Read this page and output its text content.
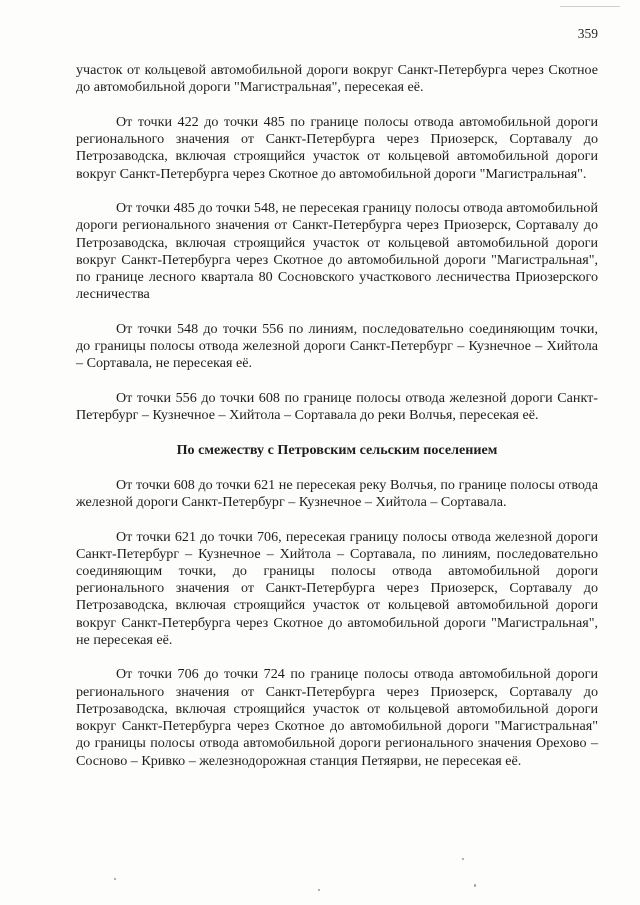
359

участок от кольцевой автомобильной дороги вокруг Санкт-Петербурга через Скотное до автомобильной дороги "Магистральная", пересекая её.

От точки 422 до точки 485 по границе полосы отвода автомобильной дороги регионального значения от Санкт-Петербурга через Приозерск, Сортавалу до Петрозаводска, включая строящийся участок от кольцевой автомобильной дороги вокруг Санкт-Петербурга через Скотное до автомобильной дороги "Магистральная".

От точки 485 до точки 548, не пересекая границу полосы отвода автомобильной дороги регионального значения от Санкт-Петербурга через Приозерск, Сортавалу до Петрозаводска, включая строящийся участок от кольцевой автомобильной дороги вокруг Санкт-Петербурга через Скотное до автомобильной дороги "Магистральная", по границе лесного квартала 80 Сосновского участкового лесничества Приозерского лесничества

От точки 548 до точки 556 по линиям, последовательно соединяющим точки, до границы полосы отвода железной дороги Санкт-Петербург – Кузнечное – Хийтола – Сортавала, не пересекая её.

От точки 556 до точки 608 по границе полосы отвода железной дороги Санкт-Петербург – Кузнечное – Хийтола – Сортавала до реки Волчья, пересекая её.

По смежеству с Петровским сельским поселением

От точки 608 до точки 621 не пересекая реку Волчья, по границе полосы отвода железной дороги Санкт-Петербург – Кузнечное – Хийтола – Сортавала.

От точки 621 до точки 706, пересекая границу полосы отвода железной дороги Санкт-Петербург – Кузнечное – Хийтола – Сортавала, по линиям, последовательно соединяющим точки, до границы полосы отвода автомобильной дороги регионального значения от Санкт-Петербурга через Приозерск, Сортавалу до Петрозаводска, включая строящийся участок от кольцевой автомобильной дороги вокруг Санкт-Петербурга через Скотное до автомобильной дороги "Магистральная", не пересекая её.

От точки 706 до точки 724 по границе полосы отвода автомобильной дороги регионального значения от Санкт-Петербурга через Приозерск, Сортавалу до Петрозаводска, включая строящийся участок от кольцевой автомобильной дороги вокруг Санкт-Петербурга через Скотное до автомобильной дороги "Магистральная" до границы полосы отвода автомобильной дороги регионального значения Орехово – Сосново – Кривко – железнодорожная станция Петяярви, не пересекая её.
